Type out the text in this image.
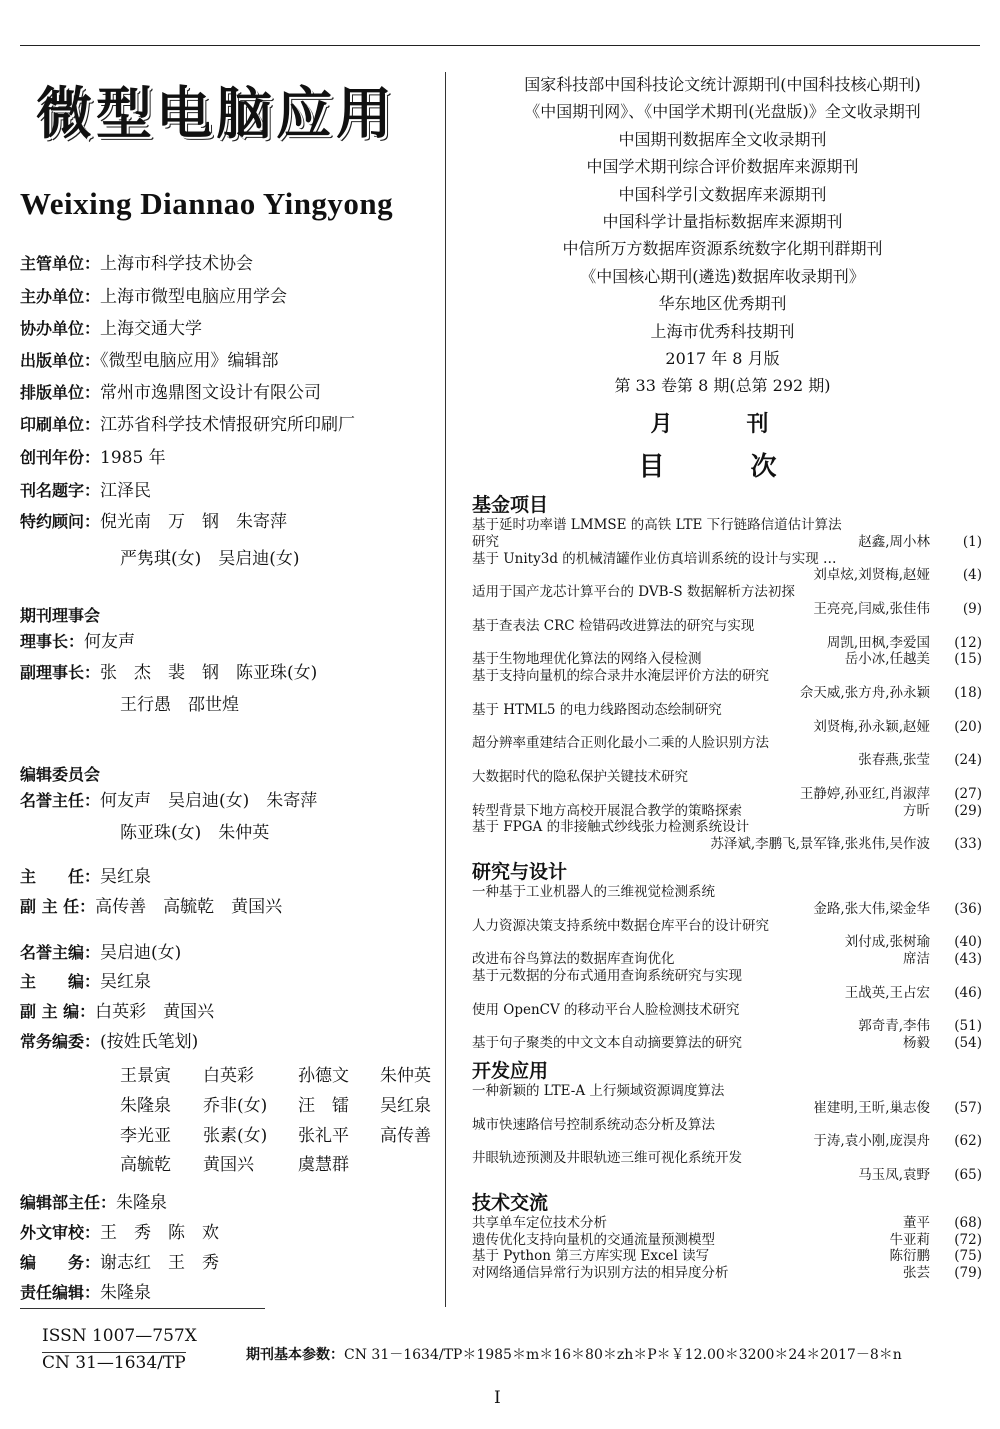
微型电脑应用
Weixing Diannao Yingyong
主管单位：上海市科学技术协会
主办单位：上海市微型电脑应用学会
协办单位：上海交通大学
出版单位：《微型电脑应用》编辑部
排版单位：常州市逸鼎图文设计有限公司
印刷单位：江苏省科学技术情报研究所印刷厂
创刊年份：1985 年
刊名题字：江泽民
特约顾问：倪光南　万　钢　朱寄萍
严隽琪(女)　吴启迪(女)
期刊理事会
理事长：何友声
副理事长：张　杰　裴　钢　陈亚珠(女)
王行愚　邵世煌
编辑委员会
名誉主任：何友声　吴启迪(女)　朱寄萍
陈亚珠(女)　朱仲英
主　　任：吴红泉
副 主 任：高传善　高毓乾　黄国兴
名誉主编：吴启迪(女)
主　　编：吴红泉
副 主 编：白英彩　黄国兴
常务编委：(按姓氏笔划)
王景寅 白英彩	孙德文 朱仲英
朱隆泉 乔非(女) 汪　镭 吴红泉
李光亚 张素(女) 张礼平 高传善
高毓乾 黄国兴	虞慧群
编辑部主任：朱隆泉
外文审校：王　秀　陈　欢
编　　务：谢志红　王　秀
责任编辑：朱隆泉
国家科技部中国科技论文统计源期刊(中国科技核心期刊)
《中国期刊网》、《中国学术期刊(光盘版)》全文收录期刊
中国期刊数据库全文收录期刊
中国学术期刊综合评价数据库来源期刊
中国科学引文数据库来源期刊
中国科学计量指标数据库来源期刊
中信所万方数据库资源系统数字化期刊群期刊
《中国核心期刊(遴选)数据库收录期刊》
华东地区优秀期刊
上海市优秀科技期刊
2017 年 8 月版
第 33 卷第 8 期(总第 292 期)
月　刊
目　次
基金项目
基于延时功率谱 LMMSE 的高铁 LTE 下行链路信道估计算法
研究	赵鑫,周小林 (1)
基于 Unity3d 的机械清罐作业仿真培训系统的设计与实现 …
刘卓炫,刘贤梅,赵娅 (4)
适用于国产龙芯计算平台的 DVB-S 数据解析方法初探
王亮亮,闫威,张佳伟 (9)
基于查表法 CRC 检错码改进算法的研究与实现
周凯,田枫,李爱国 (12)
基于生物地理优化算法的网络入侵检测	岳小冰,任越美 (15)
基于支持向量机的综合录井水淹层评价方法的研究
佘天威,张方舟,孙永颖 (18)
基于 HTML5 的电力线路图动态绘制研究
刘贤梅,孙永颖,赵娅 (20)
超分辨率重建结合正则化最小二乘的人脸识别方法
张春燕,张莹 (24)
大数据时代的隐私保护关键技术研究
王静婷,孙亚红,肖淑萍 (27)
转型背景下地方高校开展混合教学的策略探索	方昕 (29)
基于 FPGA 的非接触式纱线张力检测系统设计
苏泽斌,李鹏飞,景军锋,张兆伟,吴作波 (33)
研究与设计
一种基于工业机器人的三维视觉检测系统
金路,张大伟,梁金华 (36)
人力资源决策支持系统中数据仓库平台的设计研究
刘付成,张树瑜 (40)
改进布谷鸟算法的数据库查询优化	席洁 (43)
基于元数据的分布式通用查询系统研究与实现
王战英,王占宏 (46)
使用 OpenCV 的移动平台人脸检测技术研究
郭奇青,李伟 (51)
基于句子聚类的中文文本自动摘要算法的研究	杨毅 (54)
开发应用
一种新颖的 LTE-A 上行频域资源调度算法
崔建明,王昕,巢志俊 (57)
城市快速路信号控制系统动态分析及算法
于涛,袁小刚,庞淏舟 (62)
井眼轨迹预测及井眼轨迹三维可视化系统开发
马玉凤,袁野 (65)
技术交流
共享单车定位技术分析	董平 (68)
遗传优化支持向量机的交通流量预测模型	牛亚莉 (72)
基于 Python 第三方库实现 Excel 读写	陈衍鹏 (75)
对网络通信异常行为识别方法的相异度分析	张芸 (79)
ISSN 1007—757X
CN 31—1634/TP	期刊基本参数：CN 31－1634/TP＊1985＊m＊16＊80＊zh＊P＊￥12.00＊3200＊24＊2017－8＊n
Ⅰ
